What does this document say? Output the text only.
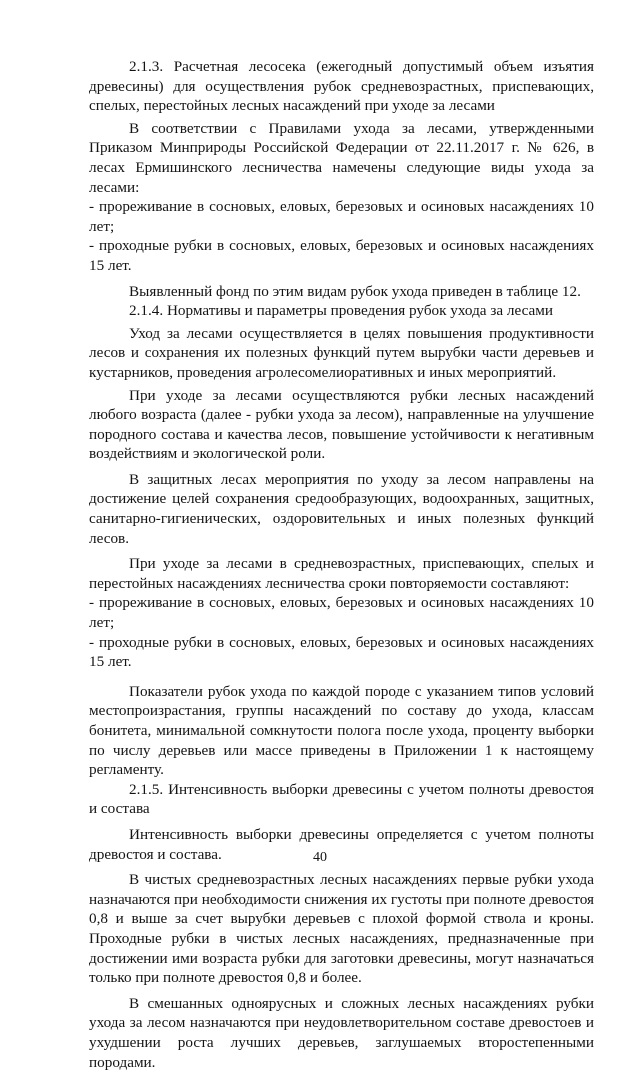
2.1.3. Расчетная лесосека (ежегодный допустимый объем изъятия древесины) для осуществления рубок средневозрастных, приспевающих, спелых, перестойных лесных насаждений при уходе за лесами

В соответствии с Правилами ухода за лесами, утвержденными Приказом Минприроды Российской Федерации от 22.11.2017 г. № 626, в лесах Ермишинского лесничества намечены следующие виды ухода за лесами:

- прореживание в сосновых, еловых, березовых и осиновых насаждениях 10 лет;

- проходные рубки в сосновых, еловых, березовых и осиновых насаждениях 15 лет.

Выявленный фонд по этим видам рубок ухода приведен в таблице 12.

2.1.4. Нормативы и параметры проведения рубок ухода за лесами

Уход за лесами осуществляется в целях повышения продуктивности лесов и сохранения их полезных функций путем вырубки части деревьев и кустарников, проведения агролесомелиоративных и иных мероприятий.

При уходе за лесами осуществляются рубки лесных насаждений любого возраста (далее - рубки ухода за лесом), направленные на улучшение породного состава и качества лесов, повышение устойчивости к негативным воздействиям и экологической роли.

В защитных лесах мероприятия по уходу за лесом направлены на достижение целей сохранения средообразующих, водоохранных, защитных, санитарно-гигиенических, оздоровительных и иных полезных функций лесов.

При уходе за лесами в средневозрастных, приспевающих, спелых и перестойных насаждениях лесничества сроки повторяемости составляют:

- прореживание в сосновых, еловых, березовых и осиновых насаждениях 10 лет;

- проходные рубки в сосновых, еловых, березовых и осиновых насаждениях 15 лет.

Показатели рубок ухода по каждой породе с указанием типов условий местопроизрастания, группы насаждений по составу до ухода, классам бонитета, минимальной сомкнутости полога после ухода, проценту выборки по числу деревьев или массе приведены в Приложении 1 к настоящему регламенту.

2.1.5. Интенсивность выборки древесины с учетом полноты древостоя и состава

Интенсивность выборки древесины определяется с учетом полноты древостоя и состава.

В чистых средневозрастных лесных насаждениях первые рубки ухода назначаются при необходимости снижения их густоты при полноте древостоя 0,8 и выше за счет вырубки деревьев с плохой формой ствола и кроны. Проходные рубки в чистых лесных насаждениях, предназначенные при достижении ими возраста рубки для заготовки древесины, могут назначаться только при полноте древостоя 0,8 и более.

В смешанных одноярусных и сложных лесных насаждениях рубки ухода за лесом назначаются при неудовлетворительном составе древостоев и ухудшении роста лучших деревьев, заглушаемых второстепенными породами.

40
